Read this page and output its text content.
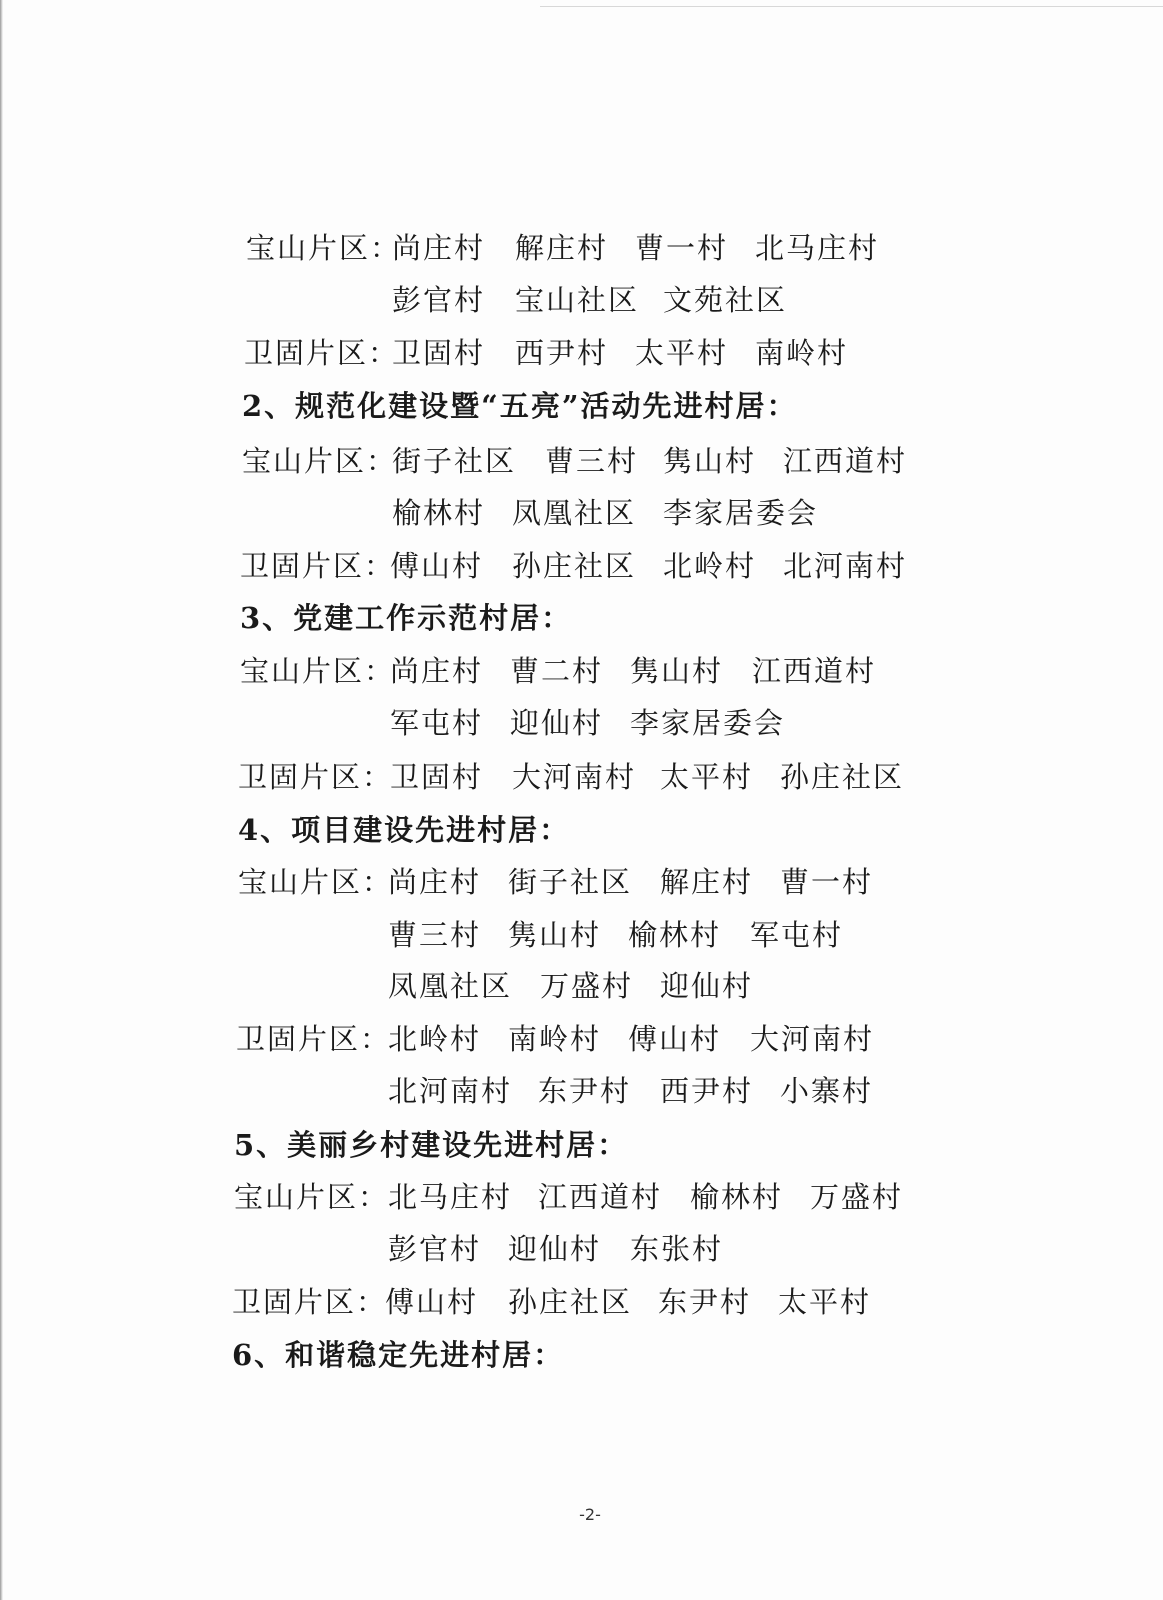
宝山片区：
尚庄村 解庄村 曹一村 北马庄村
彭官村 宝山社区 文苑社区
卫固片区：
卫固村 西尹村 太平村 南岭村
2、规范化建设暨“五亮”活动先进村居：
宝山片区：
街子社区 曹三村 隽山村 江西道村
榆林村 凤凰社区 李家居委会
卫固片区：
傅山村 孙庄社区 北岭村 北河南村
3、党建工作示范村居：
宝山片区：
尚庄村 曹二村 隽山村 江西道村
军屯村 迎仙村 李家居委会
卫固片区：
卫固村 大河南村 太平村 孙庄社区
4、项目建设先进村居：
宝山片区：
尚庄村 街子社区 解庄村 曹一村
曹三村 隽山村 榆林村 军屯村
凤凰社区 万盛村 迎仙村
卫固片区：
北岭村 南岭村 傅山村 大河南村
北河南村 东尹村 西尹村 小寨村
5、美丽乡村建设先进村居：
宝山片区：
北马庄村 江西道村 榆林村 万盛村
彭官村 迎仙村 东张村
卫固片区：
傅山村 孙庄社区 东尹村 太平村
6、和谐稳定先进村居：
-2-
